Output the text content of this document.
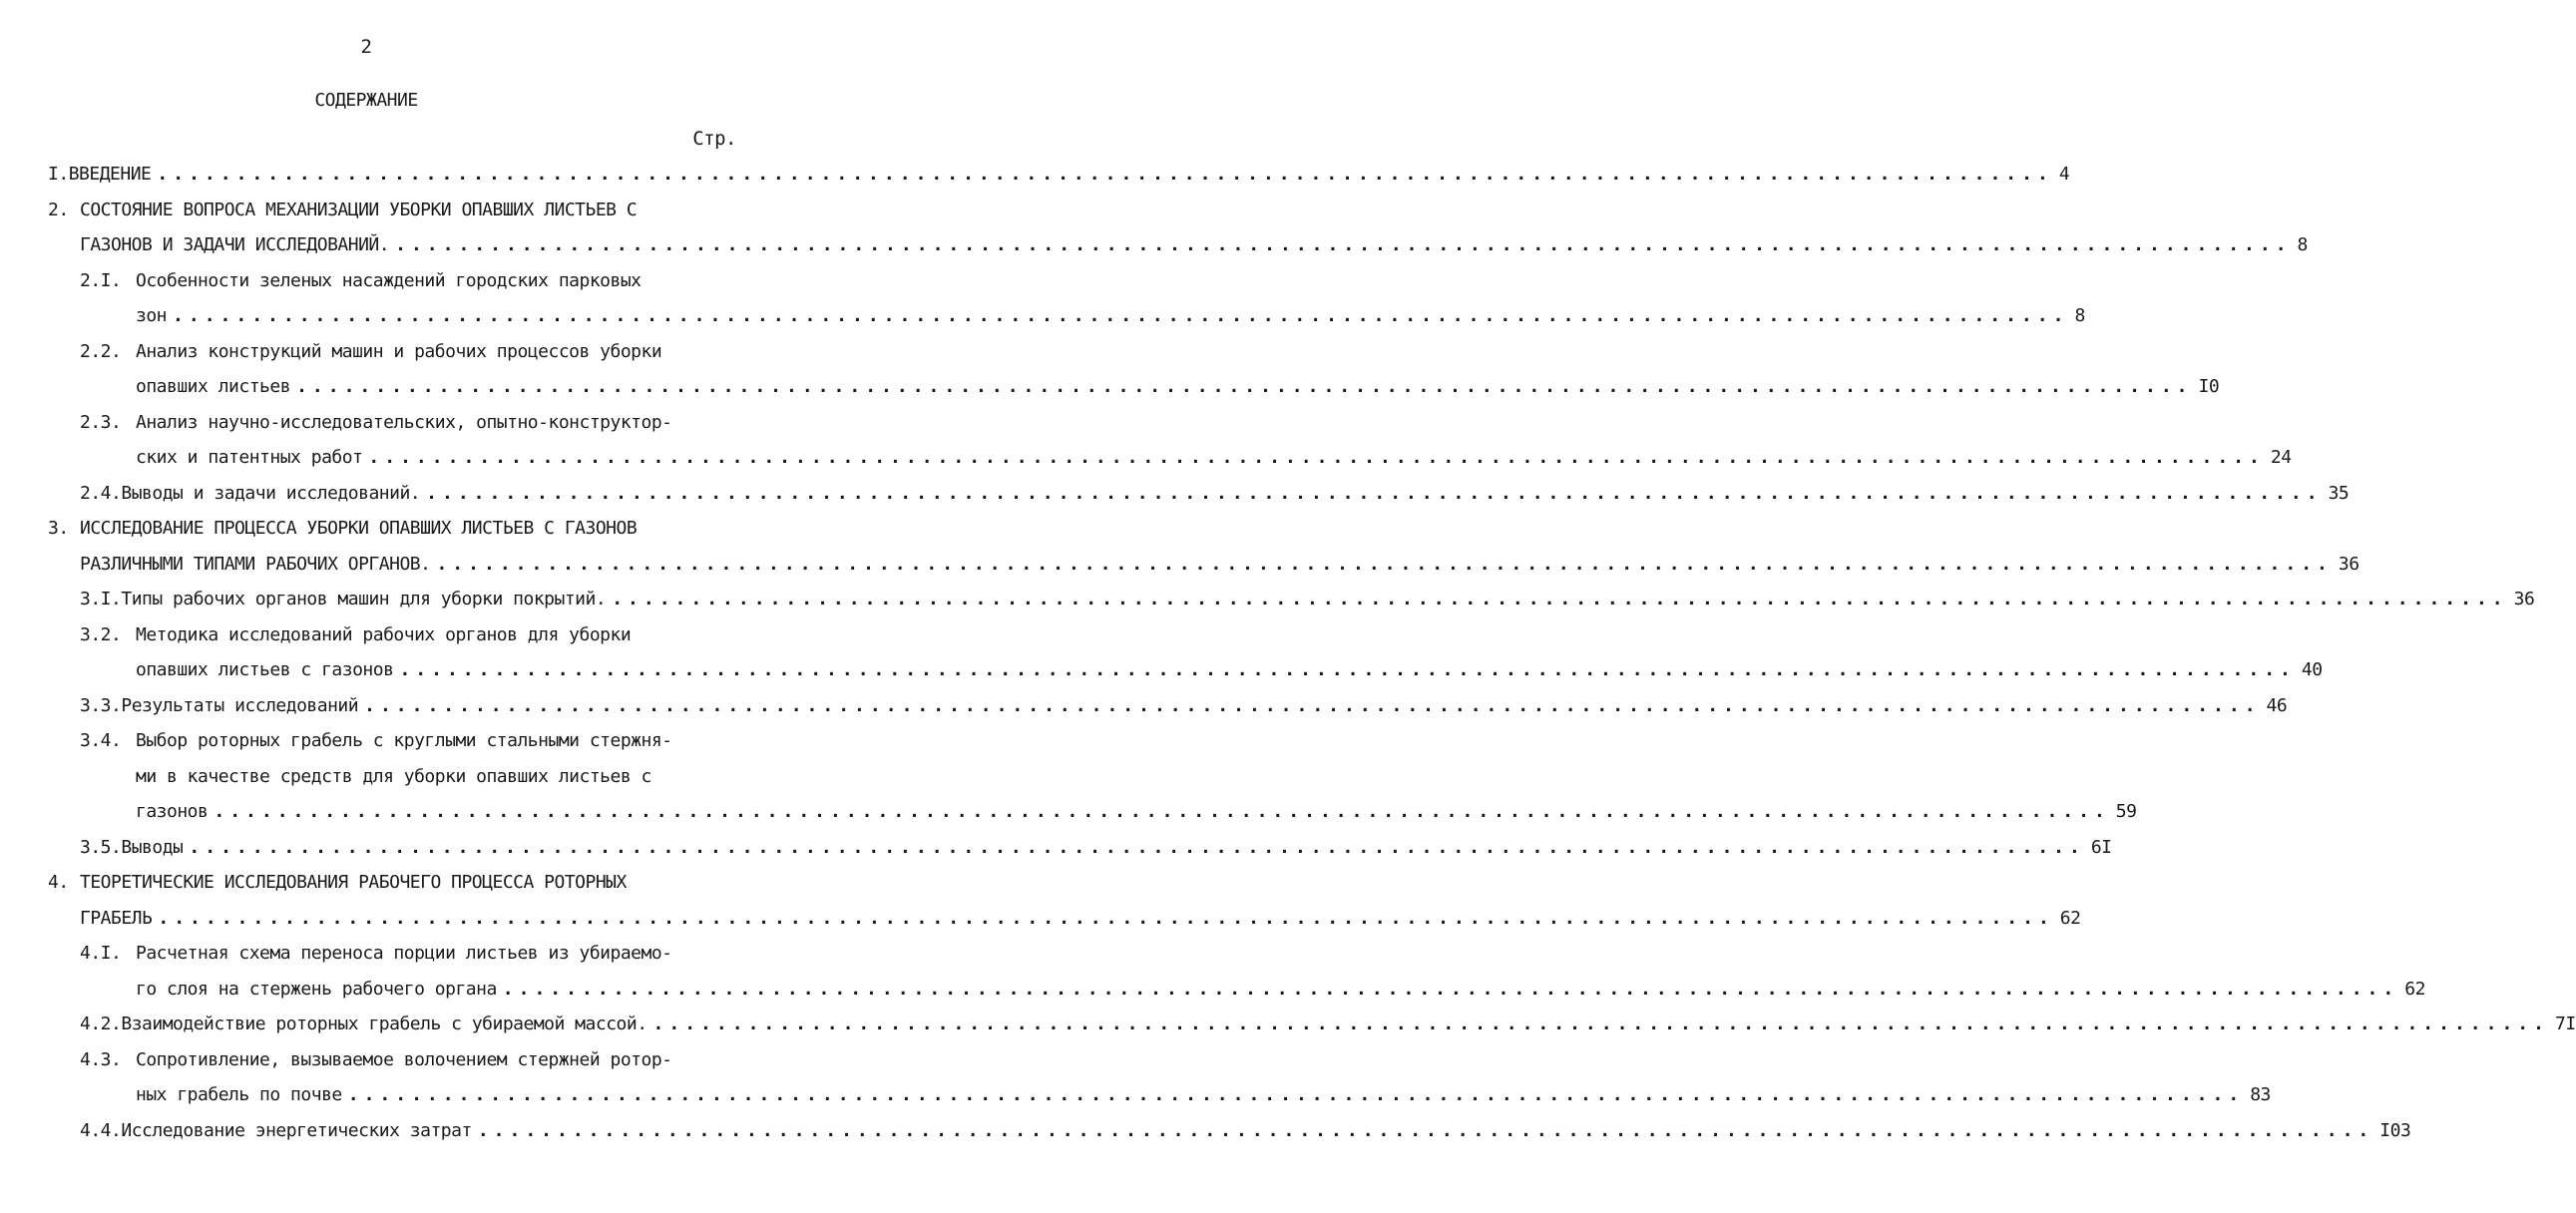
2
СОДЕРЖАНИЕ
Стр.
I. ВВЕДЕНИЕ ........................................................................................................................ 4
2. СОСТОЯНИЕ ВОПРОСА МЕХАНИЗАЦИИ УБОРКИ ОПАВШИХ ЛИСТЬЕВ С
ГАЗОНОВ И ЗАДАЧИ ИССЛЕДОВАНИЙ. ........................................................................................................................ 8
2.I. Особенности зеленых насаждений городских парковых
зон ........................................................................................................................ 8
2.2. Анализ конструкций машин и рабочих процессов уборки
опавших листьев ........................................................................................................................ I0
2.3. Анализ научно-исследовательских, опытно-конструктор-
ских и патентных работ ........................................................................................................................ 24
2.4. Выводы и задачи исследований. ........................................................................................................................ 35
3. ИССЛЕДОВАНИЕ ПРОЦЕССА УБОРКИ ОПАВШИХ ЛИСТЬЕВ С ГАЗОНОВ
РАЗЛИЧНЫМИ ТИПАМИ РАБОЧИХ ОРГАНОВ. ........................................................................................................................ 36
3.I. Типы рабочих органов машин для уборки покрытий. ........................................................................................................................ 36
3.2. Методика исследований рабочих органов для уборки
опавших листьев с газонов ........................................................................................................................ 40
3.3. Результаты исследований ........................................................................................................................ 46
3.4. Выбор роторных грабель с круглыми стальными стержня-
ми в качестве средств для уборки опавших листьев с
газонов ........................................................................................................................ 59
3.5. Выводы ........................................................................................................................ 6I
4. ТЕОРЕТИЧЕСКИЕ ИССЛЕДОВАНИЯ РАБОЧЕГО ПРОЦЕССА РОТОРНЫХ
ГРАБЕЛЬ ........................................................................................................................ 62
4.I. Расчетная схема переноса порции листьев из убираемо-
го слоя на стержень рабочего органа ........................................................................................................................ 62
4.2. Взаимодействие роторных грабель с убираемой массой. ........................................................................................................................ 7I
4.3. Сопротивление, вызываемое волочением стержней ротор-
ных грабель по почве ........................................................................................................................ 83
4.4. Исследование энергетических затрат ........................................................................................................................ I03
